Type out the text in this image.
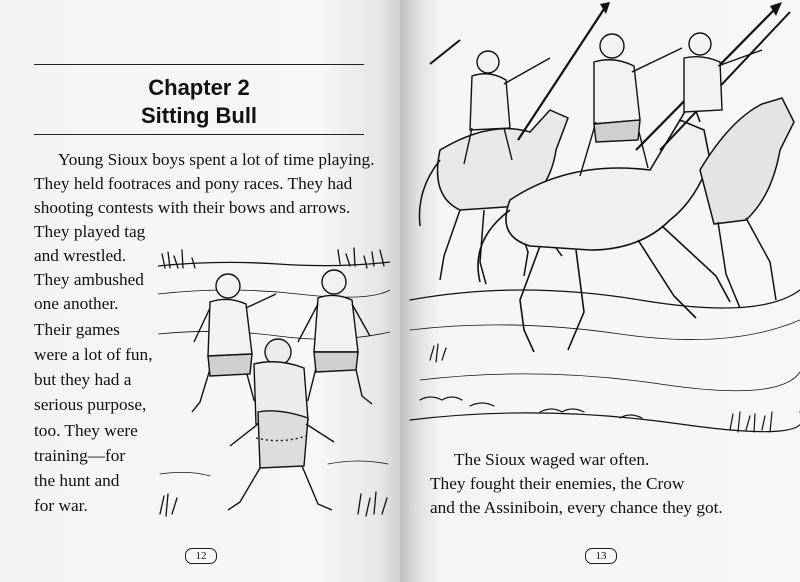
Chapter 2
Sitting Bull
Young Sioux boys spent a lot of time playing.
They held footraces and pony races. They had
shooting contests with their bows and arrows.
They played tag
and wrestled.
They ambushed
one another.
Their games
were a lot of fun,
but they had a
serious purpose,
too. They were
training—for
the hunt and
for war.
12
The Sioux waged war often.
They fought their enemies, the Crow
and the Assiniboin, every chance they got.
13
